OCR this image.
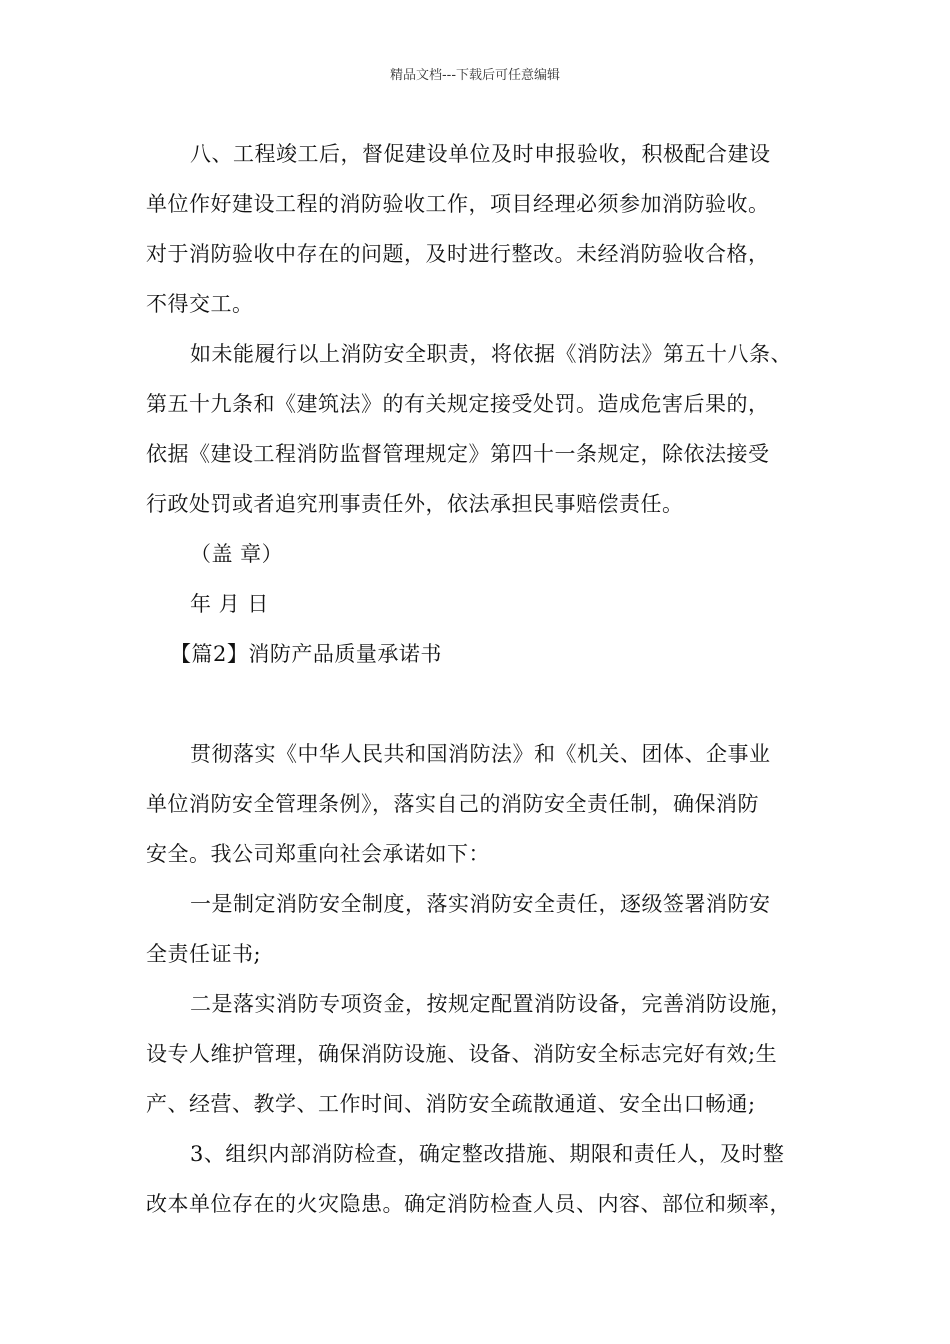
精品文档---下载后可任意编辑
八、工程竣工后，督促建设单位及时申报验收，积极配合建设
单位作好建设工程的消防验收工作，项目经理必须参加消防验收。
对于消防验收中存在的问题，及时进行整改。未经消防验收合格，
不得交工。
如未能履行以上消防安全职责，将依据《消防法》第五十八条、
第五十九条和《建筑法》的有关规定接受处罚。造成危害后果的，
依据《建设工程消防监督管理规定》第四十一条规定，除依法接受
行政处罚或者追究刑事责任外，依法承担民事赔偿责任。
（盖 章）
年 月 日
【篇2】消防产品质量承诺书
贯彻落实《中华人民共和国消防法》和《机关、团体、企事业
单位消防安全管理条例》，落实自己的消防安全责任制，确保消防
安全。我公司郑重向社会承诺如下：
一是制定消防安全制度，落实消防安全责任，逐级签署消防安
全责任证书;
二是落实消防专项资金，按规定配置消防设备，完善消防设施，
设专人维护管理，确保消防设施、设备、消防安全标志完好有效;生
产、经营、教学、工作时间、消防安全疏散通道、安全出口畅通;
3、组织内部消防检查，确定整改措施、期限和责任人，及时整
改本单位存在的火灾隐患。确定消防检查人员、内容、部位和频率，
